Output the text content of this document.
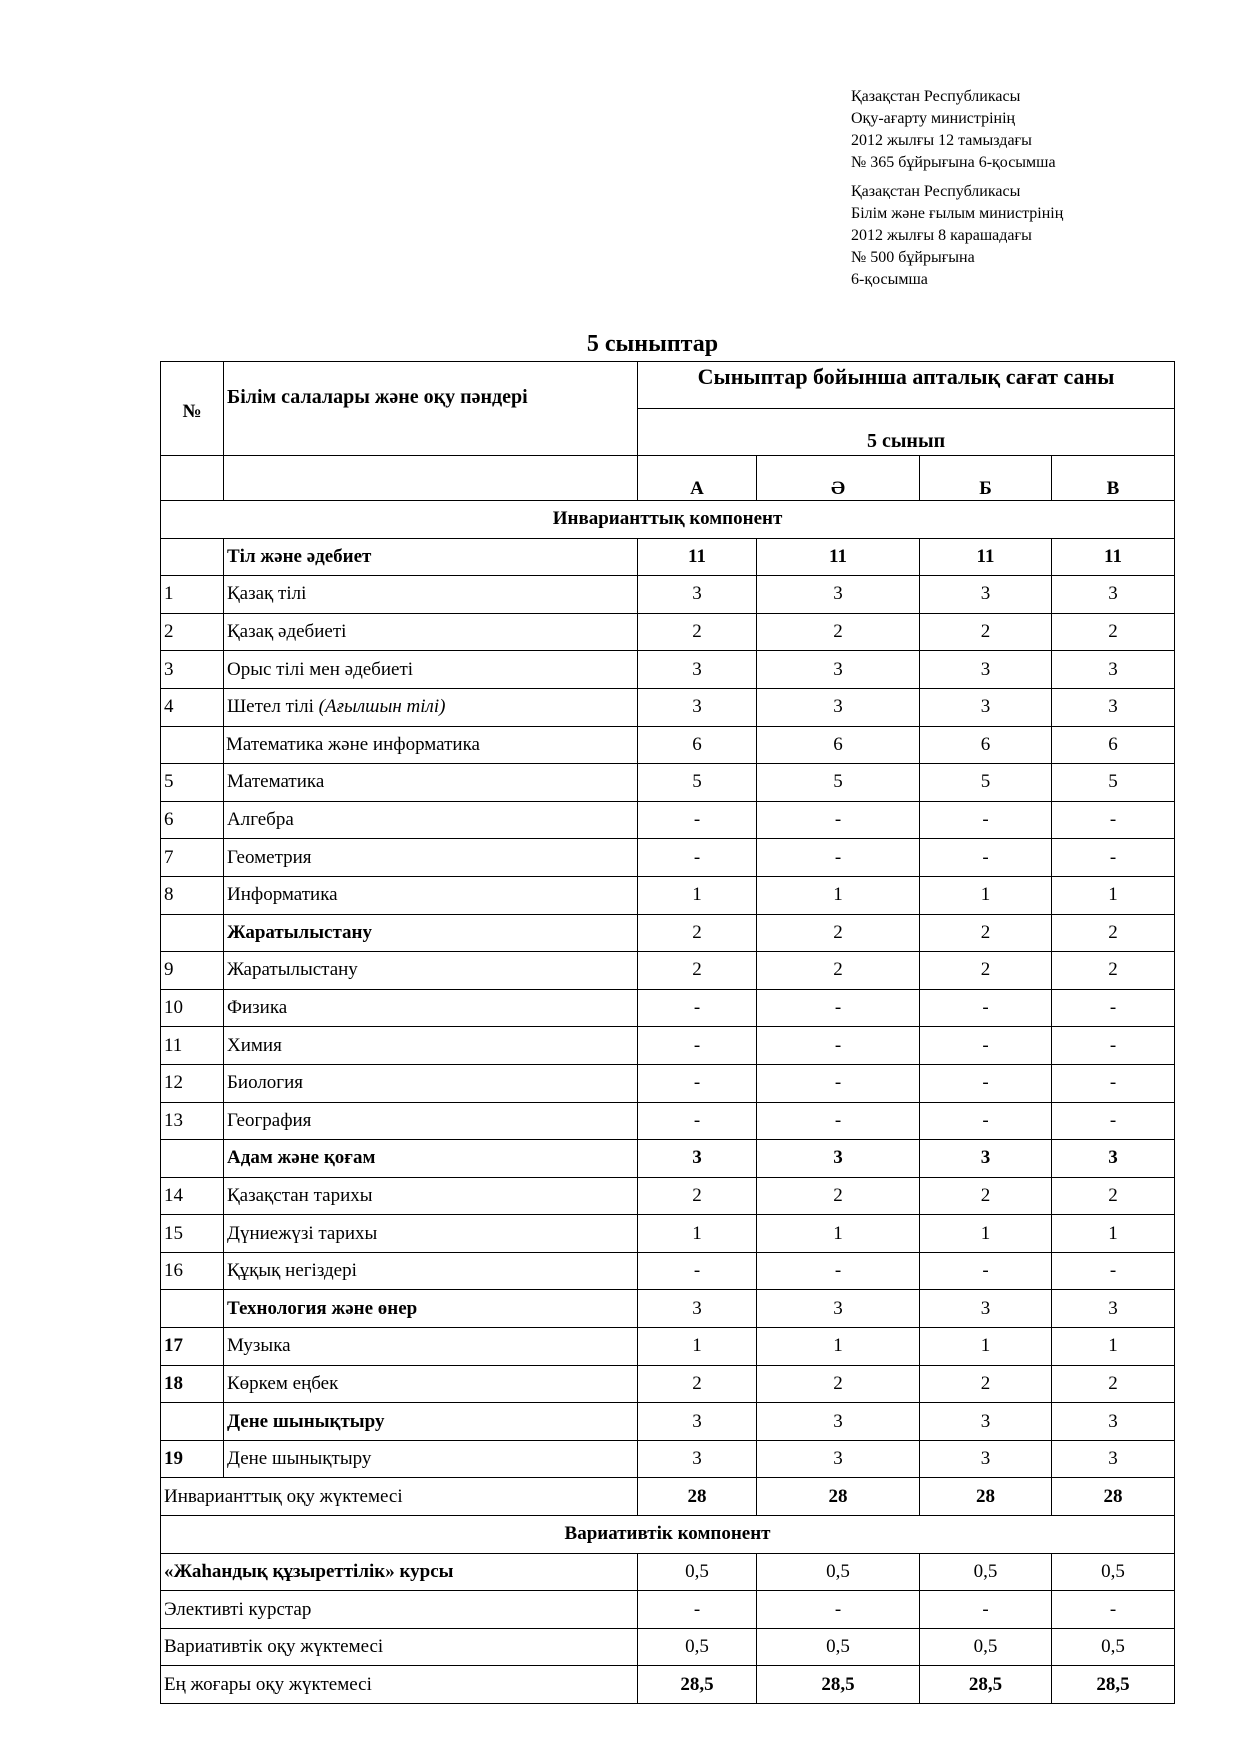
Қазақстан Республикасы
Оқу-ағарту министрінің
2012 жылғы 12 тамыздағы
№ 365 бұйрығына 6-қосымша
Қазақстан Республикасы
Білім және ғылым министрінің
2012 жылғы 8 карашадағы
№ 500 бұйрығына
6-қосымша
5 сыныптар
№	Білім салалары және оқу пәндері	Сыныптар бойынша апталық сағат саны			
		5 сынып			
		А	Ә	Б	В
Инварианттық компонент					
	Тіл және әдебиет	11	11	11	11
1	Қазақ тілі	3	3	3	3
2	Қазақ әдебиеті	2	2	2	2
3	Орыс тілі мен әдебиеті	3	3	3	3
4	Шетел тілі (Ағылшын тілі)	3	3	3	3
	Математика және информатика	6	6	6	6
5	Математика	5	5	5	5
6	Алгебра	-	-	-	-
7	Геометрия	-	-	-	-
8	Информатика	1	1	1	1
	Жаратылыстану	2	2	2	2
9	Жаратылыстану	2	2	2	2
10	Физика	-	-	-	-
11	Химия	-	-	-	-
12	Биология	-	-	-	-
13	География	-	-	-	-
	Адам және қоғам	3	3	3	3
14	Қазақстан тарихы	2	2	2	2
15	Дүниежүзі тарихы	1	1	1	1
16	Құқық негіздері	-	-	-	-
	Технология және өнер	3	3	3	3
17	Музыка	1	1	1	1
18	Көркем еңбек	2	2	2	2
	Дене шынықтыру	3	3	3	3
19	Дене шынықтыру	3	3	3	3
Инварианттық оқу жүктемесі		28	28	28	28
Вариативтік компонент					
«Жаһандық құзыреттілік» курсы		0,5	0,5	0,5	0,5
Элективті курстар		-	-	-	-
Вариативтік оқу жүктемесі		0,5	0,5	0,5	0,5
Ең жоғары оқу жүктемесі		28,5	28,5	28,5	28,5
